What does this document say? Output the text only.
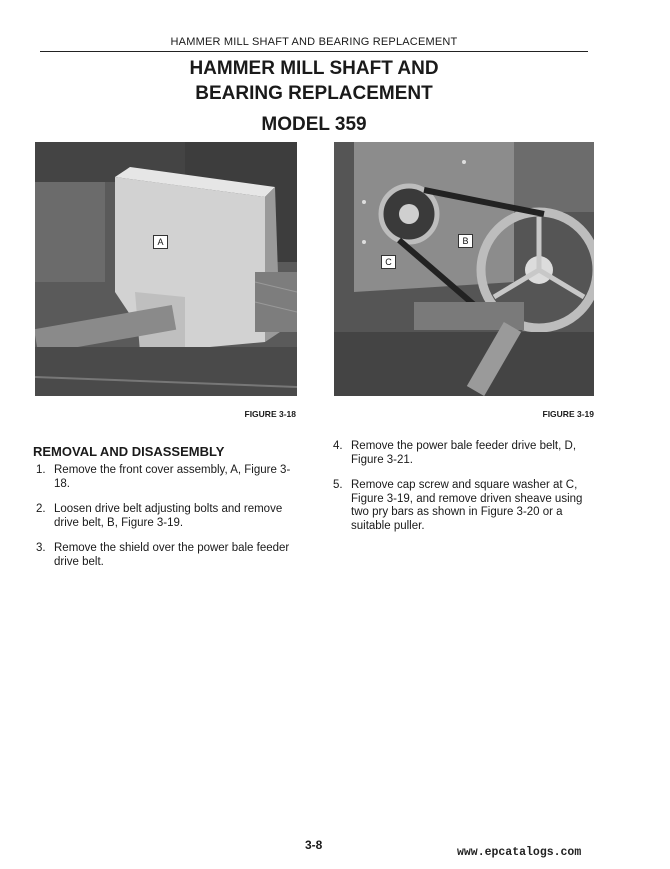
HAMMER MILL SHAFT AND BEARING REPLACEMENT
HAMMER MILL SHAFT AND
BEARING REPLACEMENT
MODEL 359
A	B
C
FIGURE 3-18	FIGURE 3-19
REMOVAL AND DISASSEMBLY
1. Remove the front cover assembly, A, Figure 3-18.
2. Loosen drive belt adjusting bolts and remove drive belt, B, Figure 3-19.
3. Remove the shield over the power bale feeder drive belt.
4. Remove the power bale feeder drive belt, D, Figure 3-21.
5. Remove cap screw and square washer at C, Figure 3-19, and remove driven sheave using two pry bars as shown in Figure 3-20 or a suitable puller.
3-8
www.epcatalogs.com
